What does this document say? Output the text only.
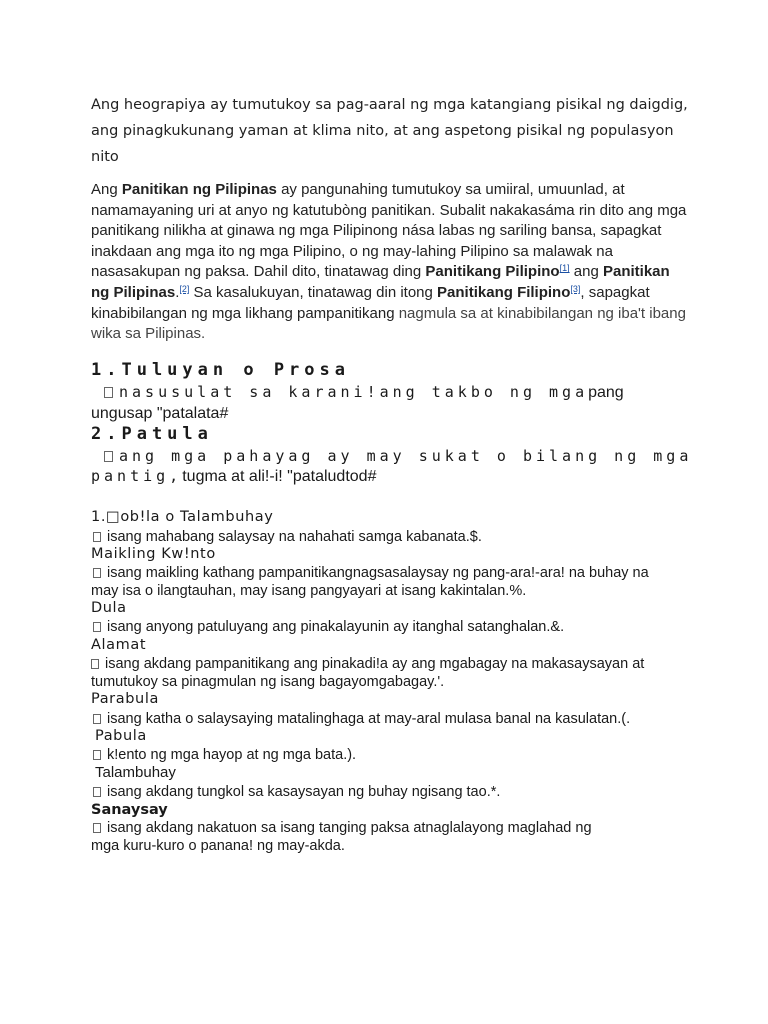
Ang heograpiya ay tumutukoy sa pag-aaral ng mga katangiang pisikal ng daigdig, ang pinagkukunang yaman at klima nito, at ang aspetong pisikal ng populasyon nito
Ang Panitikan ng Pilipinas ay pangunahing tumutukoy sa umiiral, umuunlad, at namamayaning uri at anyo ng katutubòng panitikan. Subalit nakakasáma rin dito ang mga panitikang nilikha at ginawa ng mga Pilipinong nása labas ng sariling bansa, sapagkat inakdaan ang mga ito ng mga Pilipino, o ng may-lahing Pilipino sa malawak na nasasakupan ng paksa. Dahil dito, tinatawag ding Panitikang Pilipino[1] ang Panitikan ng Pilipinas.[2] Sa kasalukuyan, tinatawag din itong Panitikang Filipino[3], sapagkat kinabibilangan ng mga likhang pampanitikang nagmula sa at kinabibilangan ng iba't ibang wika sa Pilipinas.
1.Tuluyan o Prosa
nasusulat sa karani!ang takbo ng mgapang
ungusap "patalata#
2.Patula
ang mga pahayag ay may sukat o bilang ng mga
pantig,tugma at ali!-i! "pataludtod#
1.□ob!la o Talambuhay
isang mahabang salaysay na nahahati samga kabanata.$.
Maikling Kw!nto
isang maikling kathang pampanitikangnagsasalaysay ng pang-ara!-ara! na buhay na
may isa o ilangtauhan, may isang pangyayari at isang kakintalan.%.
Dula
isang anyong patuluyang ang pinakalayunin ay itanghal satanghalan.&.
Alamat
isang akdang pampanitikang ang pinakadi!a ay ang mgabagay na makasaysayan at
tumutukoy sa pinagmulan ng isang bagayomgabagay.'.
Parabula
isang katha o salaysaying matalinghaga at may-aral mulasa banal na kasulatan.(.
Pabula
k!ento ng mga hayop at ng mga bata.).
Talambuhay
isang akdang tungkol sa kasaysayan ng buhay ngisang tao.*.
Sanaysay
isang akdang nakatuon sa isang tanging paksa atnaglalayong maglahad ng
mga kuru-kuro o panana! ng may-akda.
